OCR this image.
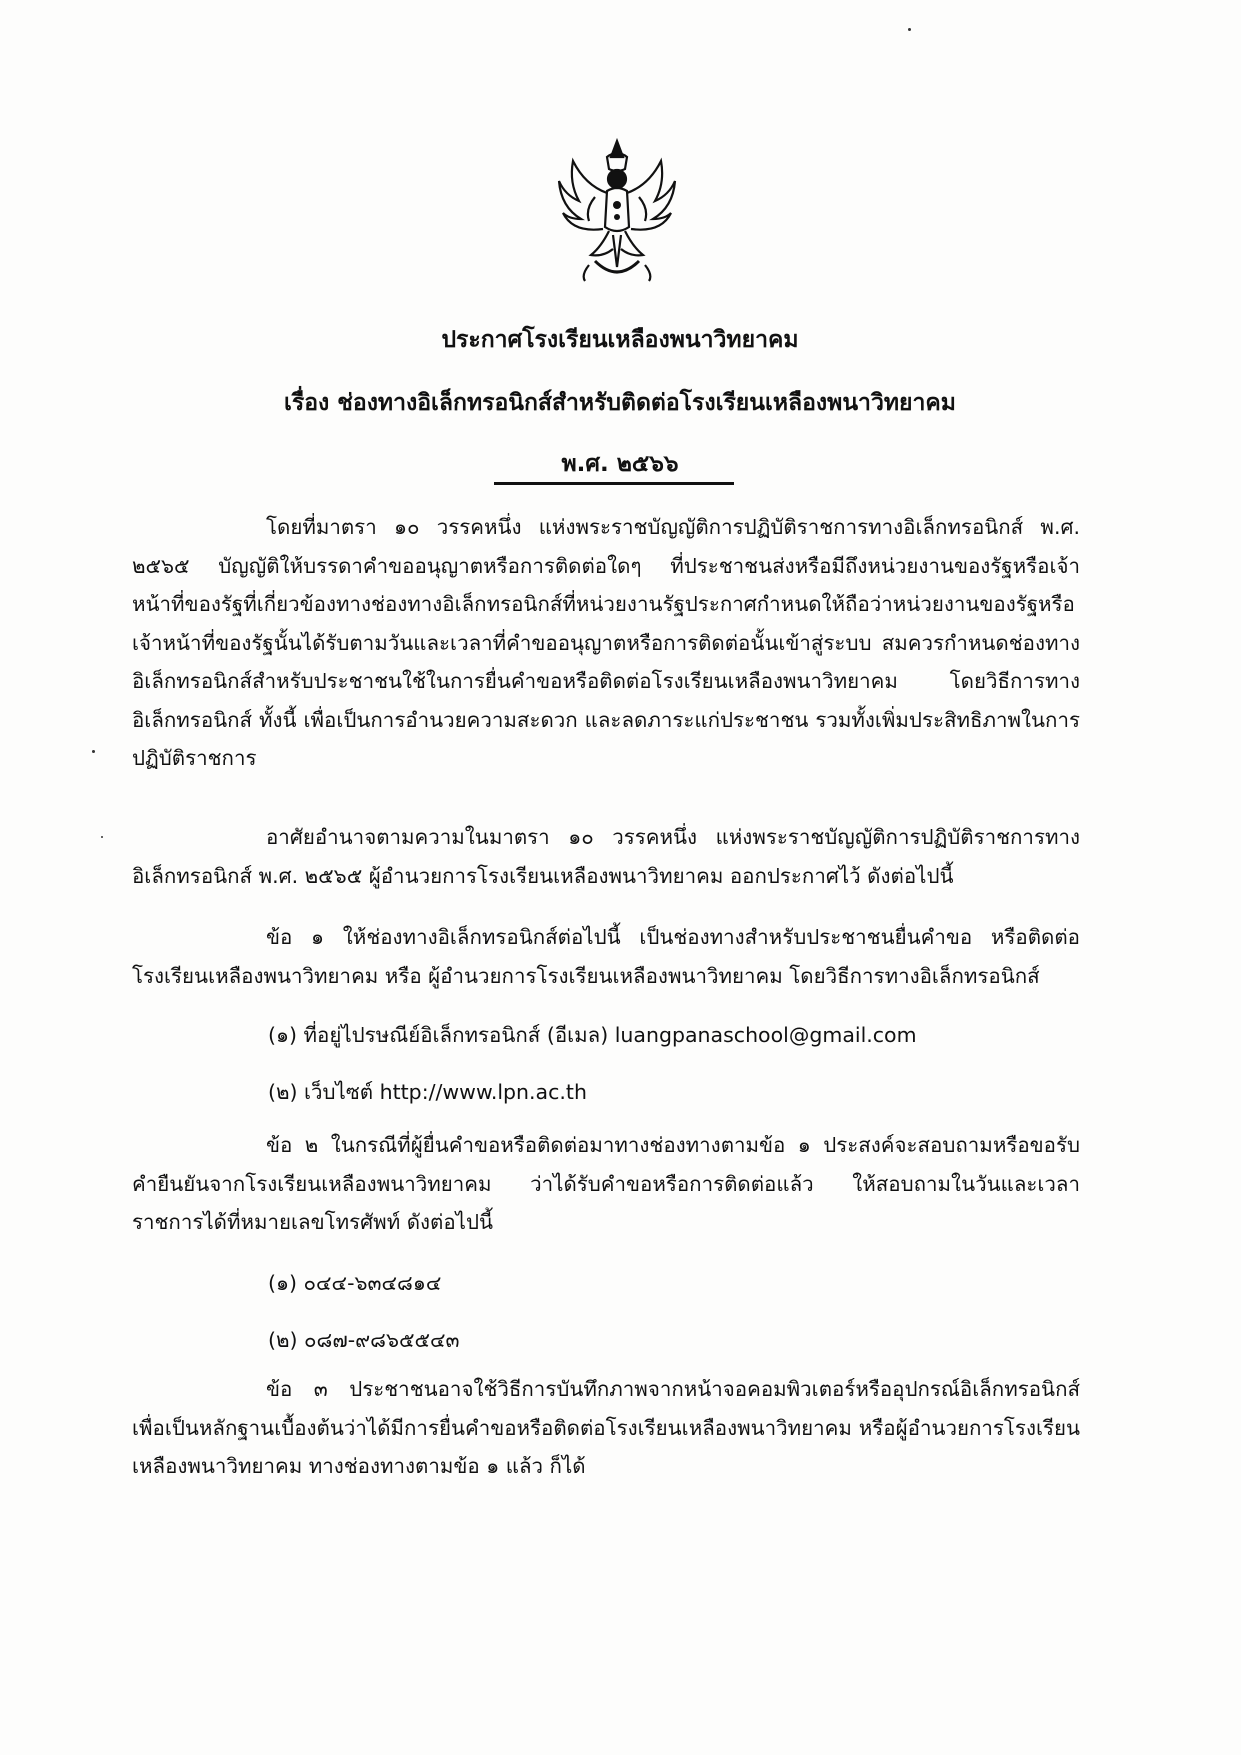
ประกาศโรงเรียนเหลืองพนาวิทยาคม
เรื่อง ช่องทางอิเล็กทรอนิกส์สำหรับติดต่อโรงเรียนเหลืองพนาวิทยาคม
พ.ศ. ๒๕๖๖
โดยที่มาตรา ๑๐ วรรคหนึ่ง แห่งพระราชบัญญัติการปฏิบัติราชการทางอิเล็กทรอนิกส์ พ.ศ. ๒๕๖๕ บัญญัติให้บรรดาคำขออนุญาตหรือการติดต่อใดๆ ที่ประชาชนส่งหรือมีถึงหน่วยงานของรัฐหรือเจ้าหน้าที่ของรัฐที่เกี่ยวข้องทางช่องทางอิเล็กทรอนิกส์ที่หน่วยงานรัฐประกาศกำหนดให้ถือว่าหน่วยงานของรัฐหรือเจ้าหน้าที่ของรัฐนั้นได้รับตามวันและเวลาที่คำขออนุญาตหรือการติดต่อนั้นเข้าสู่ระบบ สมควรกำหนดช่องทางอิเล็กทรอนิกส์สำหรับประชาชนใช้ในการยื่นคำขอหรือติดต่อโรงเรียนเหลืองพนาวิทยาคม โดยวิธีการทางอิเล็กทรอนิกส์ ทั้งนี้ เพื่อเป็นการอำนวยความสะดวก และลดภาระแก่ประชาชน รวมทั้งเพิ่มประสิทธิภาพในการปฏิบัติราชการ
อาศัยอำนาจตามความในมาตรา ๑๐ วรรคหนึ่ง แห่งพระราชบัญญัติการปฏิบัติราชการทางอิเล็กทรอนิกส์ พ.ศ. ๒๕๖๕ ผู้อำนวยการโรงเรียนเหลืองพนาวิทยาคม ออกประกาศไว้ ดังต่อไปนี้
ข้อ ๑ ให้ช่องทางอิเล็กทรอนิกส์ต่อไปนี้ เป็นช่องทางสำหรับประชาชนยื่นคำขอ หรือติดต่อโรงเรียนเหลืองพนาวิทยาคม หรือ ผู้อำนวยการโรงเรียนเหลืองพนาวิทยาคม โดยวิธีการทางอิเล็กทรอนิกส์
(๑) ที่อยู่ไปรษณีย์อิเล็กทรอนิกส์ (อีเมล) luangpanaschool@gmail.com
(๒) เว็บไซต์ http://www.lpn.ac.th
ข้อ ๒ ในกรณีที่ผู้ยื่นคำขอหรือติดต่อมาทางช่องทางตามข้อ ๑ ประสงค์จะสอบถามหรือขอรับคำยืนยันจากโรงเรียนเหลืองพนาวิทยาคม ว่าได้รับคำขอหรือการติดต่อแล้ว ให้สอบถามในวันและเวลาราชการได้ที่หมายเลขโทรศัพท์ ดังต่อไปนี้
(๑) ๐๔๔-๖๓๔๘๑๔
(๒) ๐๘๗-๙๘๖๕๕๔๓
ข้อ ๓ ประชาชนอาจใช้วิธีการบันทึกภาพจากหน้าจอคอมพิวเตอร์หรืออุปกรณ์อิเล็กทรอนิกส์เพื่อเป็นหลักฐานเบื้องต้นว่าได้มีการยื่นคำขอหรือติดต่อโรงเรียนเหลืองพนาวิทยาคม หรือผู้อำนวยการโรงเรียนเหลืองพนาวิทยาคม ทางช่องทางตามข้อ ๑ แล้ว ก็ได้
